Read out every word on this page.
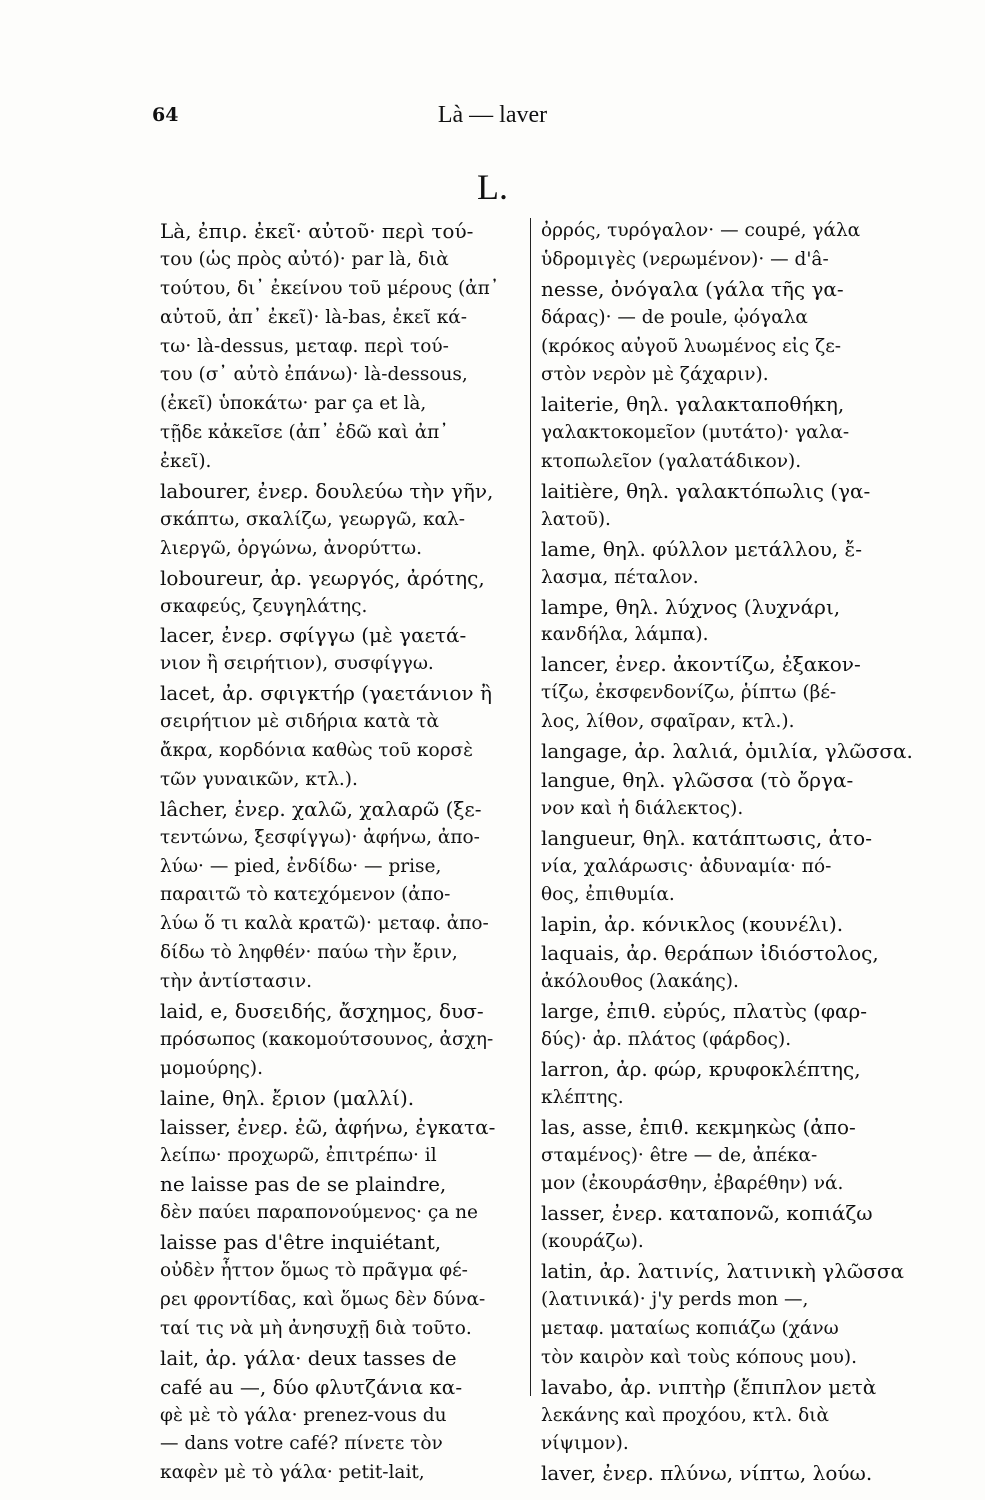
64	Là — laver
L.
Là, ἐπιρ. ἐκεῖ· αὐτοῦ· περὶ τού-
του (ὡς πρὸς αὐτό)· par là, διὰ
τούτου, δι᾽ ἐκείνου τοῦ μέρους (ἀπ᾽
αὐτοῦ, ἀπ᾽ ἐκεῖ)· là-bas, ἐκεῖ κά-
τω· là-dessus, μεταφ. περὶ τού-
του (σ᾽ αὐτὸ ἐπάνω)· là-dessous,
(ἐκεῖ) ὑποκάτω· par ça et là,
τῇδε κἀκεῖσε (ἀπ᾽ ἐδῶ καὶ ἀπ᾽
ἐκεῖ).
labourer, ἐνερ. δουλεύω τὴν γῆν,
σκάπτω, σκαλίζω, γεωργῶ, καλ-
λιεργῶ, ὀργώνω, ἀνορύττω.
loboureur, ἀρ. γεωργός, ἀρότης,
σκαφεύς, ζευγηλάτης.
lacer, ἐνερ. σφίγγω (μὲ γαετά-
νιον ἢ σειρήτιον), συσφίγγω.
lacet, ἀρ. σφιγκτήρ (γαετάνιον ἢ
σειρήτιον μὲ σιδήρια κατὰ τὰ
ἄκρα, κορδόνια καθὼς τοῦ κορσὲ
τῶν γυναικῶν, κτλ.).
lâcher, ἐνερ. χαλῶ, χαλαρῶ (ξε-
τεντώνω, ξεσφίγγω)· ἀφήνω, ἀπο-
λύω· — pied, ἐνδίδω· — prise,
παραιτῶ τὸ κατεχόμενον (ἀπο-
λύω ὅ τι καλὰ κρατῶ)· μεταφ. ἀπο-
δίδω τὸ ληφθέν· παύω τὴν ἔριν,
τὴν ἀντίστασιν.
laid, e, δυσειδής, ἄσχημος, δυσ-
πρόσωπος (κακομούτσουνος, ἀσχη-
μομούρης).
laine, θηλ. ἔριον (μαλλί).
laisser, ἐνερ. ἐῶ, ἀφήνω, ἐγκατα-
λείπω· προχωρῶ, ἐπιτρέπω· il
ne laisse pas de se plaindre,
δὲν παύει παραπονούμενος· ça ne
laisse pas d'être inquiétant,
οὐδὲν ἧττον ὅμως τὸ πρᾶγμα φέ-
ρει φροντίδας, καὶ ὅμως δὲν δύνα-
ταί τις νὰ μὴ ἀνησυχῇ διὰ τοῦτο.
lait, ἀρ. γάλα· deux tasses de
café au —, δύο φλυτζάνια κα-
φὲ μὲ τὸ γάλα· prenez-vous du
— dans votre café? πίνετε τὸν
καφὲν μὲ τὸ γάλα· petit-lait,
ὀρρός, τυρόγαλον· — coupé, γάλα
ὑδρομιγὲς (νερωμένον)· — d'â-
nesse, ὀνόγαλα (γάλα τῆς γα-
δάρας)· — de poule, ᾠόγαλα
(κρόκος αὐγοῦ λυωμένος εἰς ζε-
στὸν νερὸν μὲ ζάχαριν).
laiterie, θηλ. γαλακταποθήκη,
γαλακτοκομεῖον (μυτάτο)· γαλα-
κτοπωλεῖον (γαλατάδικον).
laitière, θηλ. γαλακτόπωλις (γα-
λατοῦ).
lame, θηλ. φύλλον μετάλλου, ἔ-
λασμα, πέταλον.
lampe, θηλ. λύχνος (λυχνάρι,
κανδήλα, λάμπα).
lancer, ἐνερ. ἀκοντίζω, ἐξακον-
τίζω, ἐκσφενδονίζω, ῥίπτω (βέ-
λος, λίθον, σφαῖραν, κτλ.).
langage, ἀρ. λαλιά, ὁμιλία, γλῶσσα.
langue, θηλ. γλῶσσα (τὸ ὄργα-
νον καὶ ἡ διάλεκτος).
langueur, θηλ. κατάπτωσις, ἀτο-
νία, χαλάρωσις· ἀδυναμία· πό-
θος, ἐπιθυμία.
lapin, ἀρ. κόνικλος (κουνέλι).
laquais, ἀρ. θεράπων ἰδιόστολος,
ἀκόλουθος (λακάης).
large, ἐπιθ. εὐρύς, πλατὺς (φαρ-
δύς)· ἀρ. πλάτος (φάρδος).
larron, ἀρ. φώρ, κρυφοκλέπτης,
κλέπτης.
las, asse, ἐπιθ. κεκμηκὼς (ἀπο-
σταμένος)· être — de, ἀπέκα-
μον (ἐκουράσθην, ἐβαρέθην) νά.
lasser, ἐνερ. καταπονῶ, κοπιάζω
(κουράζω).
latin, ἀρ. λατινίς, λατινικὴ γλῶσσα
(λατινικά)· j'y perds mon —,
μεταφ. ματαίως κοπιάζω (χάνω
τὸν καιρὸν καὶ τοὺς κόπους μου).
lavabo, ἀρ. νιπτὴρ (ἔπιπλον μετὰ
λεκάνης καὶ προχόου, κτλ. διὰ
νίψιμον).
laver, ἐνερ. πλύνω, νίπτω, λούω.
